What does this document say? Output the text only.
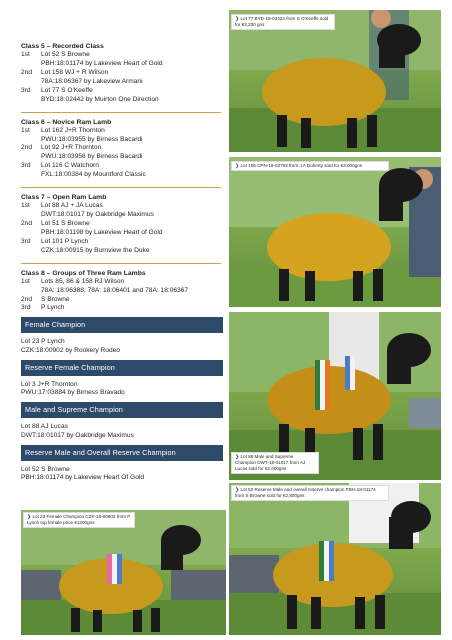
Class 5 – Recorded Class
1st	Lot 52 S Browne
PBH:18:01174 by Lakeview Heart of Gold
2nd	Lot 158 WJ + R Wilson
78A:18:06367 by Lakeview Armani
3rd	Lot 77 S O'Keeffe
BYD:18:02442 by Muirton One Direction
Class 6 – Novice Ram Lamb
1st	Lot 162 J+R Thornton
PWU:18:03955 by Birness Bacardi
2nd	Lot 92 J+R Thornton
PWU:18:03956 by Birness Bacardi
3rd	Lot 116 C Watchorn
FXL:18:00384 by Mountford Classic
Class 7 – Open Ram Lamb
1st	Lot 88 AJ + JA Lucas
DWT:18:01017 by Oakbridge Maximus
2nd	Lot 51 S Browne
PBH:18:01198 by Lakeview Heart of Gold
3rd	Lot 101 P Lynch
CZK:18:00915 by Burnview the Duke
Class 8 – Groups of Three Ram Lambs
1st	Lots 85, 86 & 158 RJ Wilson
78A: 18:06388, 78A: 18:06401 and 78A: 18:06367
2nd	S Browne
3rd	P Lynch
Female Champion
Lot 23 P Lynch
CZK:18:00902 by Rookery Rodeo
Reserve Female Champion
Lot 3 J+R Thornton
PWU:17:03884 by Birness Bravado
Male and Supreme Champion
Lot 88 AJ Lucas
DWT:18:01017 by Oakbridge Maximus
Reserve Male and Overall Reserve Champion
Lot 52 S Browne
PBH:18:01174 by Lakeview Heart Of Gold
❯ Lot 77 BYD-18-02424 from S O'Keeffe sold for €3,200 gns
❯ Lot 105 CPN-18-02763 from J A Doherty sold for €3,000gns
❯ Lot 88 Male and Supreme Champion DWT-18-01017 from AJ Lucas sold for €2,000gns
❯ Lot 23 Female Champion CZK-18-00902 from P Lynch top female price €1200gns
❯ Lot 52 Reserve Male and overall reserve champion PBH-18-01174 from S Browne sold for €2,800gns
